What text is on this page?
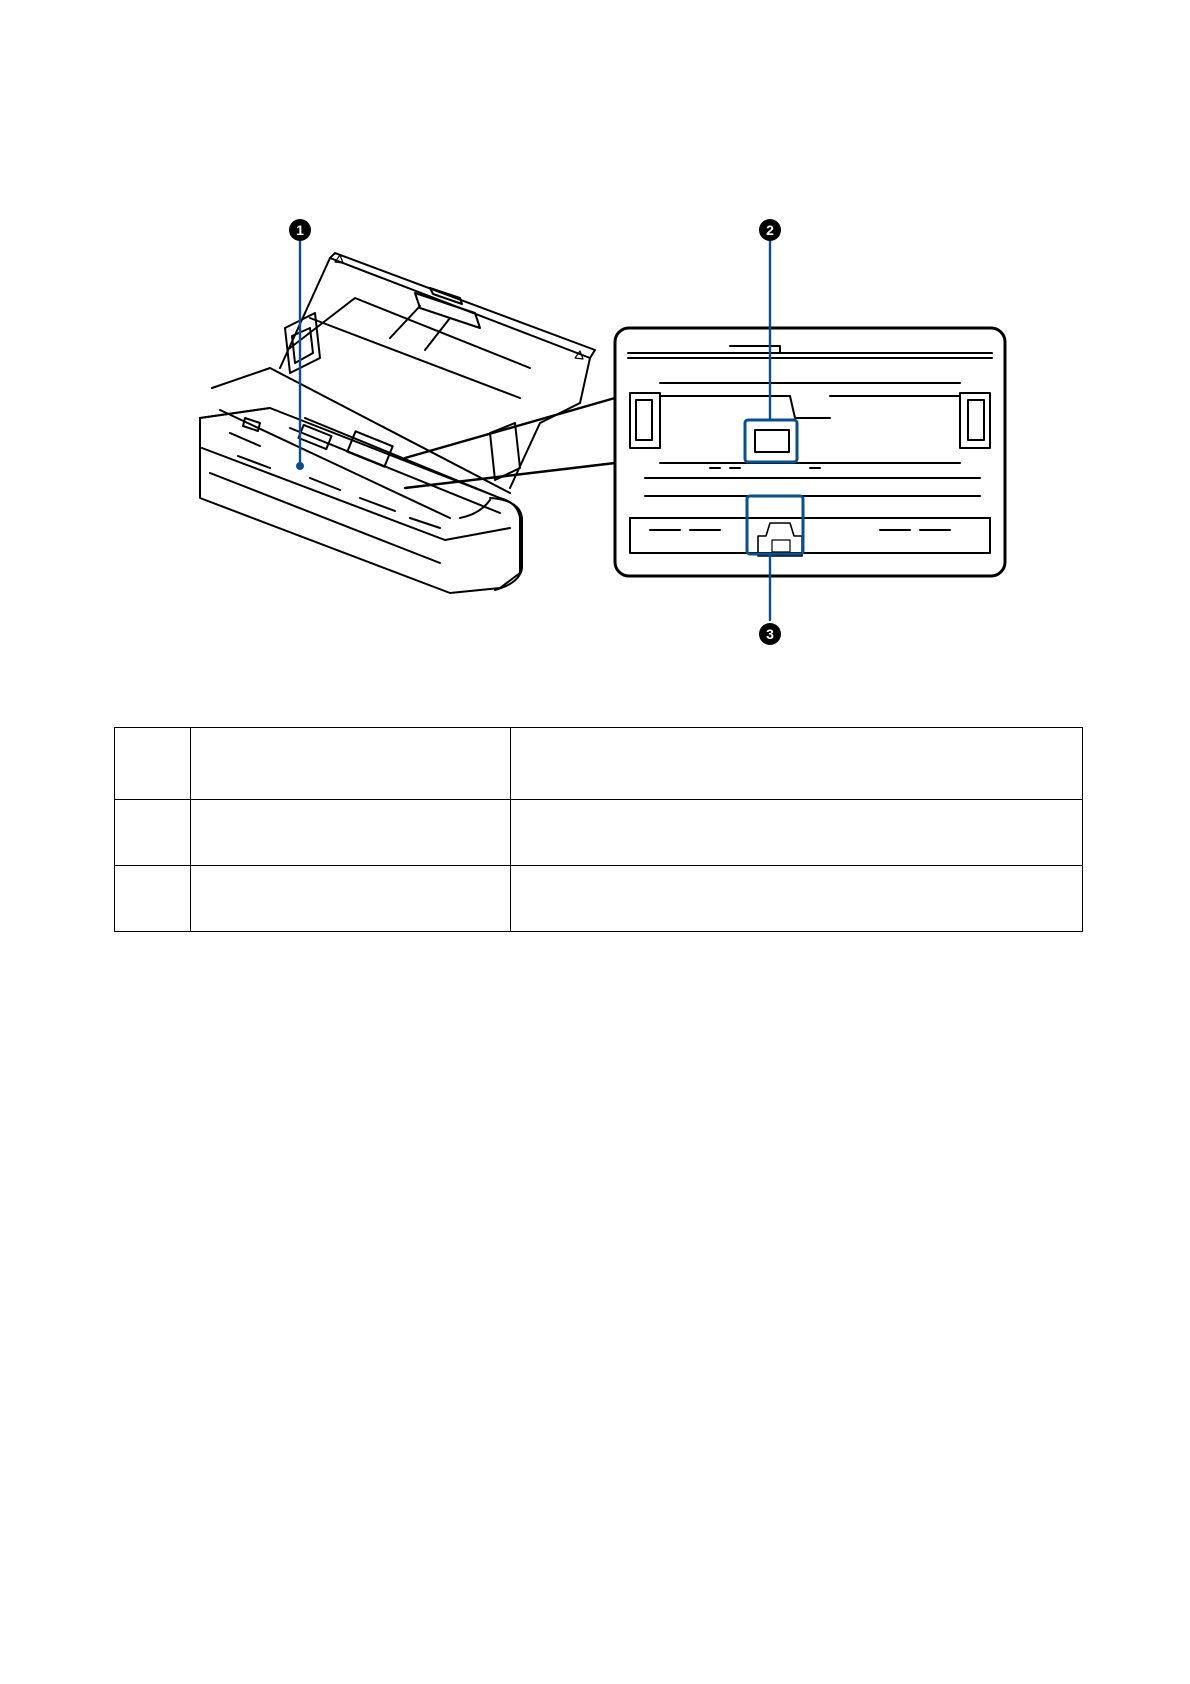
1	2
3
